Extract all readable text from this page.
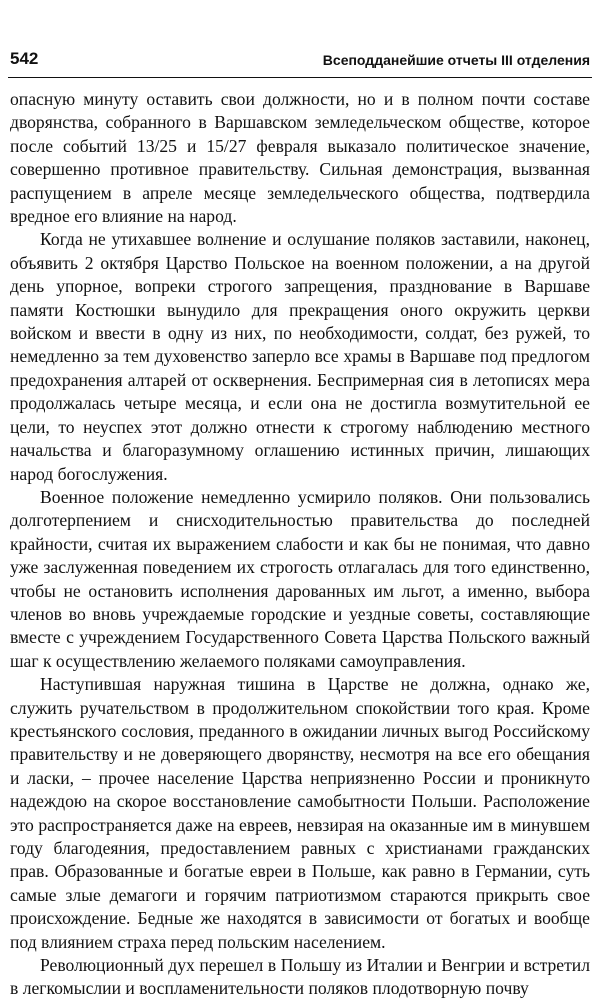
542	Всеподданейшие отчеты III отделения

опасную минуту оставить свои должности, но и в полном почти составе дворянства, собранного в Варшавском земледельческом обществе, которое после событий 13/25 и 15/27 февраля выказало политическое значение, совершенно противное правительству. Сильная демонстрация, вызванная распущением в апреле месяце земледельческого общества, подтвердила вредное его влияние на народ.

Когда не утихавшее волнение и ослушание поляков заставили, наконец, объявить 2 октября Царство Польское на военном положении, а на другой день упорное, вопреки строгого запрещения, празднование в Варшаве памяти Костюшки вынудило для прекращения оного окружить церкви войском и ввести в одну из них, по необходимости, солдат, без ружей, то немедленно за тем духовенство заперло все храмы в Варшаве под предлогом предохранения алтарей от осквернения. Беспримерная сия в летописях мера продолжалась четыре месяца, и если она не достигла возмутительной ее цели, то неуспех этот должно отнести к строгому наблюдению местного начальства и благоразумному оглашению истинных причин, лишающих народ богослужения.

Военное положение немедленно усмирило поляков. Они пользовались долготерпением и снисходительностью правительства до последней крайности, считая их выражением слабости и как бы не понимая, что давно уже заслуженная поведением их строгость отлагалась для того единственно, чтобы не остановить исполнения дарованных им льгот, а именно, выбора членов во вновь учреждаемые городские и уездные советы, составляющие вместе с учреждением Государственного Совета Царства Польского важный шаг к осуществлению желаемого поляками самоуправления.

Наступившая наружная тишина в Царстве не должна, однако же, служить ручательством в продолжительном спокойствии того края. Кроме крестьянского сословия, преданного в ожидании личных выгод Российскому правительству и не доверяющего дворянству, несмотря на все его обещания и ласки, – прочее население Царства неприязненно России и проникнуто надеждою на скорое восстановление самобытности Польши. Расположение это распространяется даже на евреев, невзирая на оказанные им в минувшем году благодеяния, предоставлением равных с христианами гражданских прав. Образованные и богатые евреи в Польше, как равно в Германии, суть самые злые демагоги и горячим патриотизмом стараются прикрыть свое происхождение. Бедные же находятся в зависимости от богатых и вообще под влиянием страха перед польским населением.

Революционный дух перешел в Польшу из Италии и Венгрии и встретил в легкомыслии и воспламенительности поляков плодотворную почву
